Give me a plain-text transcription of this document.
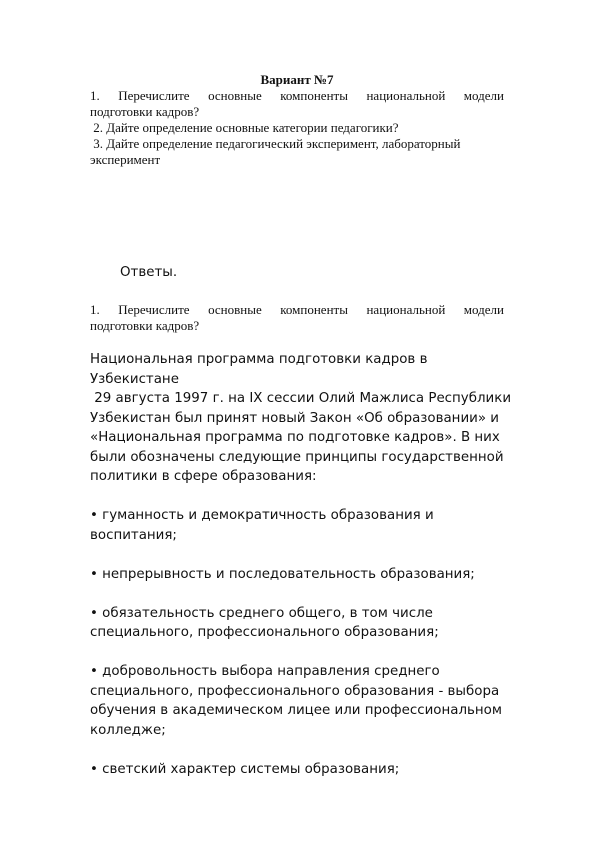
Вариант №7
1. Перечислите основные компоненты национальной модели
подготовки кадров?
2. Дайте определение основные категории педагогики?
3. Дайте определение педагогический эксперимент, лабораторный
эксперимент
Ответы.
1. Перечислите основные компоненты национальной модели
подготовки кадров?

Национальная программа подготовки кадров в

Узбекистане

29 августа 1997 г. на IX сессии Олий Мажлиса Республики

Узбекистан был принят новый Закон «Об образовании» и

«Национальная программа по подготовке кадров». В них

были обозначены следующие принципы государственной

политики в сфере образования:

• гуманность и демократичность образования и

воспитания;

• непрерывность и последовательность образования;

• обязательность среднего общего, в том числе

специального, профессионального образования;

• добровольность выбора направления среднего

специального, профессионального образования - выбора

обучения в академическом лицее или профессиональном

колледже;

• светский характер системы образования;
